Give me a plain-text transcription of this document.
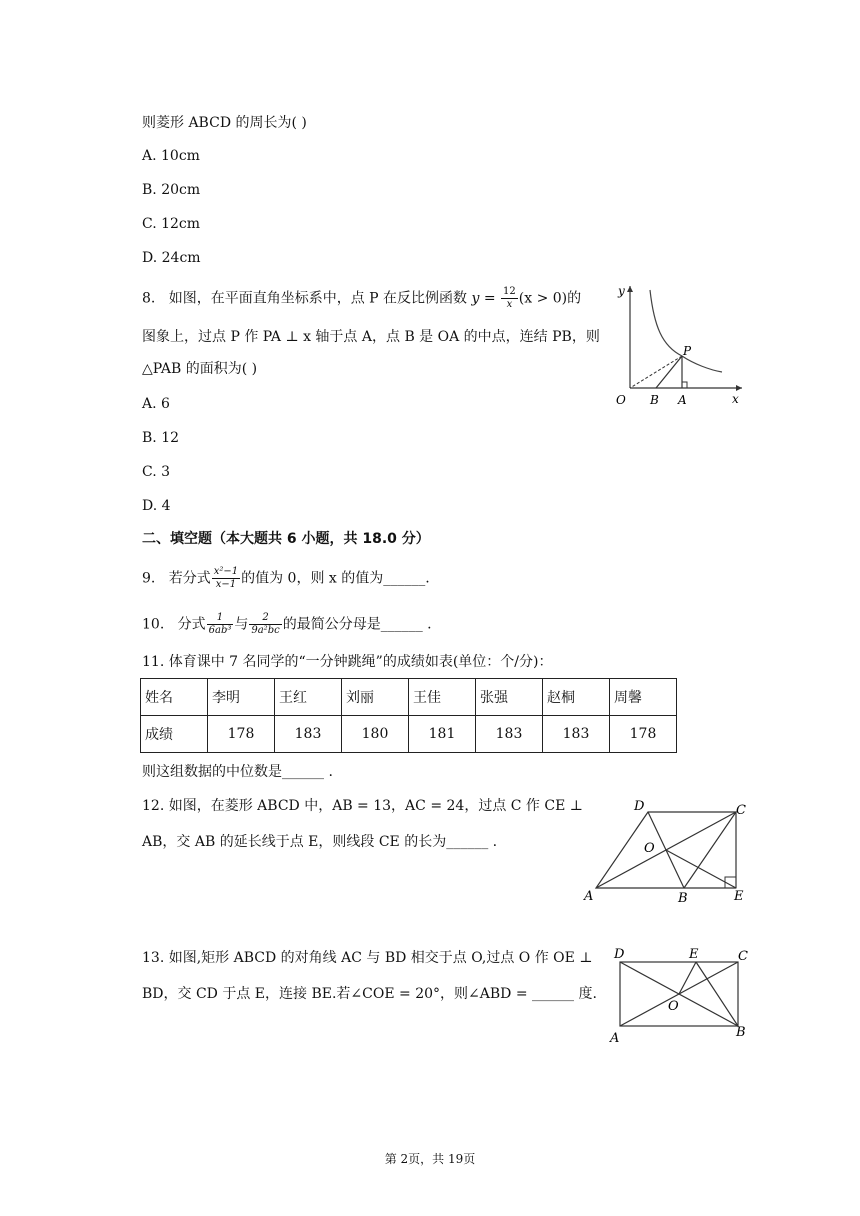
则菱形 ABCD 的周长为( )
A. 10cm
B. 20cm
C. 12cm
D. 24cm
8. 如图，在平面直角坐标系中，点 P 在反比例函数 $y = \frac{12}{x} (x > 0)$的
图象上，过点 P 作 PA ⊥ x 轴于点 A，点 B 是 OA 的中点，连结 PB，则
△PAB 的面积为( )
A. 6
B. 12
C. 3
D. 4
y
x
O B A
P
二、填空题（本大题共 6 小题，共 18.0 分）
9. 若分式 $\frac{\text{x²−1}}{x-1}$ 的值为 0，则 x 的值为______.
10. 分式 $\frac{1}{\text{6ab³}}$ 与 $\frac{2}{\text{9a²bc}}$ 的最简公分母是______ .
11. 体育课中 7 名同学的“一分钟跳绳”的成绩如表(单位：个/分)：
姓名	李明	王红	刘丽	王佳	张强	赵桐	周馨
成绩	178	183	180	181	183	183	178
则这组数据的中位数是______ .
12. 如图，在菱形 ABCD 中，AB = 13，AC = 24，过点 C 作 CE ⊥
AB，交 AB 的延长线于点 E，则线段 CE 的长为______ .
D	C
O
A	B	E
13. 如图,矩形 ABCD 的对角线 AC 与 BD 相交于点 O,过点 O 作 OE ⊥
BD，交 CD 于点 E，连接 BE.若∠COE = 20°，则∠ABD = ______ 度.
D	E	C
O
A	B
第 2页，共 19页
